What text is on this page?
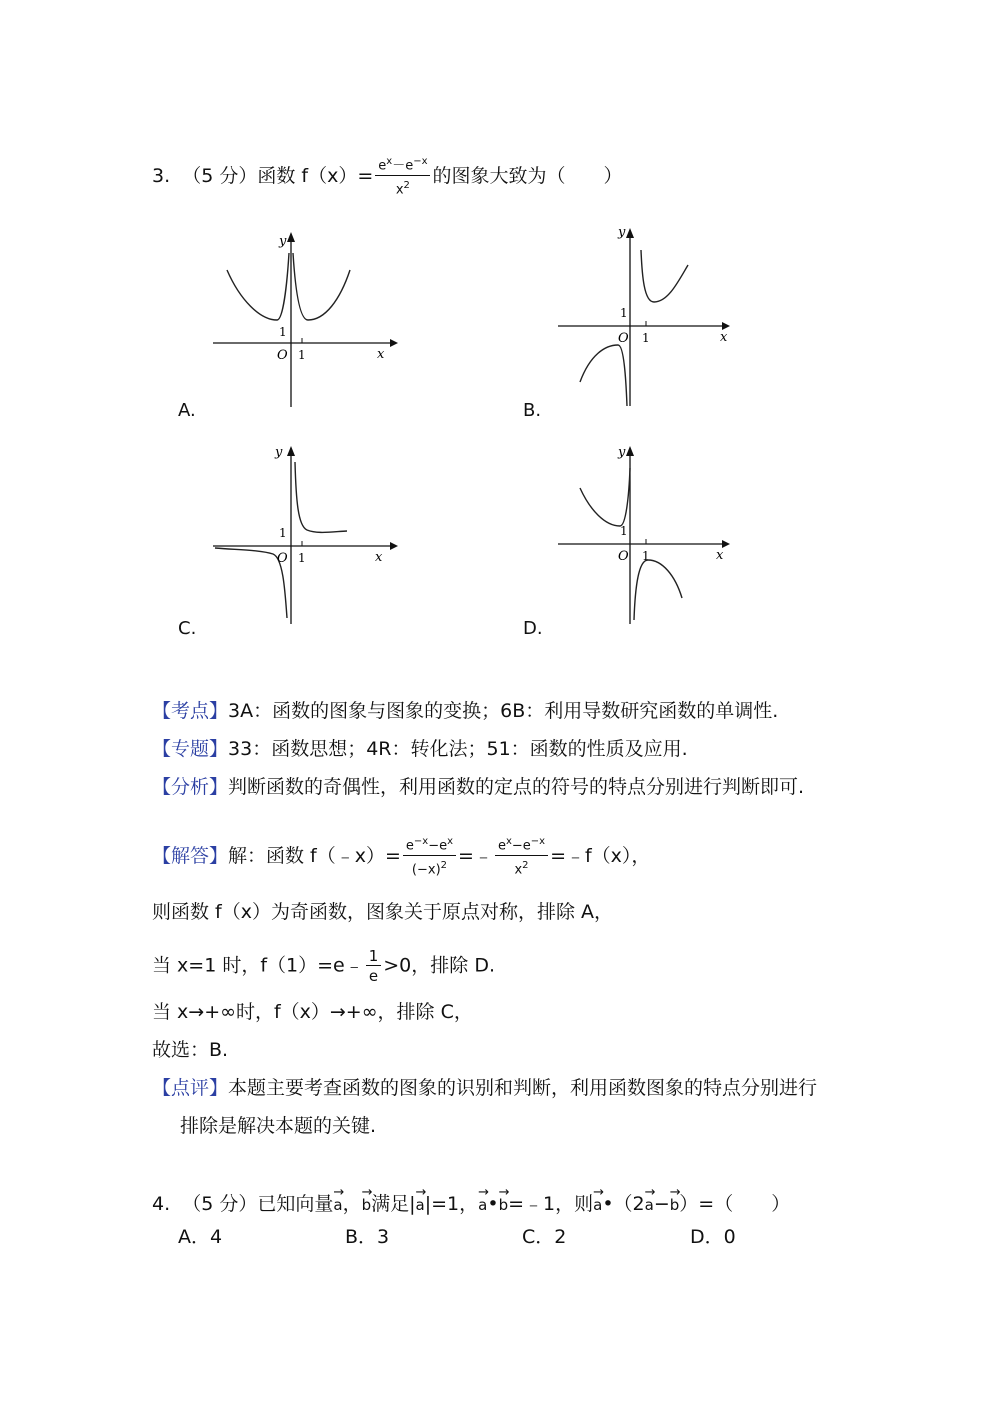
3. （5 分）函数 $f(x)= \frac{e^x-e^{-x}}{x^2}$ 的图象大致为（　　）
y
x
O 1
1
A.
y
x
O 1
1
B.
y
x
O 1
1
C.
y
x
O 1
1
D.
【考点】3A：函数的图象与图象的变换；6B：利用导数研究函数的单调性.
【专题】33：函数思想；4R：转化法；51：函数的性质及应用.
【分析】判断函数的奇偶性，利用函数的定点的符号的特点分别进行判断即可.
【解答】解：函数 f（﹣x）= $\frac{e^{-x}-e^x}{(-x)^2}$ =﹣ $\frac{e^x-e^{-x}}{x^2}$ =﹣f（x），
则函数 f（x）为奇函数，图象关于原点对称，排除 A，
当 x=1 时，f（1）=e﹣ $\frac{1}{e} >0$，排除 D.
当 x→+∞时，f（x）→+∞，排除 C，
故选：B.
【点评】本题主要考查函数的图象的识别和判断，利用函数图象的特点分别进行
排除是解决本题的关键.
4. （5 分）已知向量→ a，→ b满足|→ a|=1，→ a•→ b=﹣1，则→ a•（2→ a−→ b）=（　　）
A．4	B．3	C．2	D．0
